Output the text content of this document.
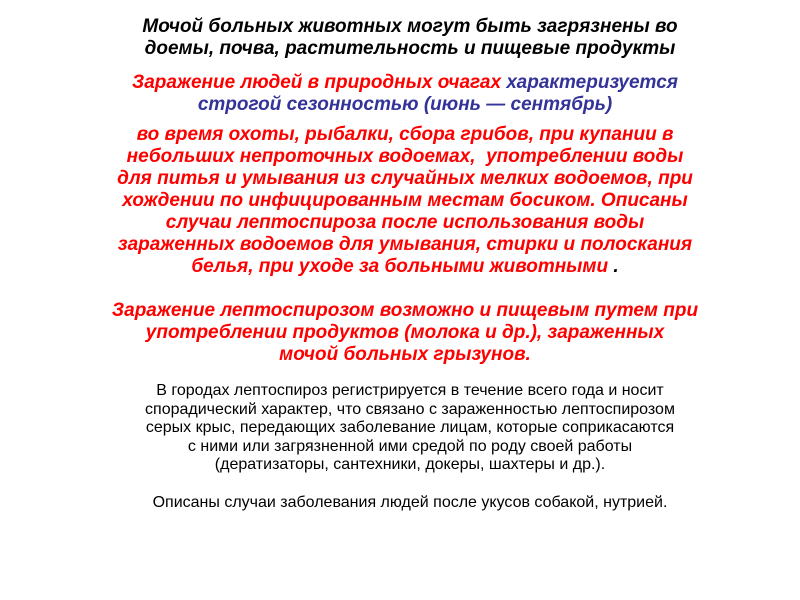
Мочой больных животных могут быть загрязнены во
доемы, почва, растительность и пищевые продукты
Заражение людей в природных очагах характеризуется
строгой сезонностью (июнь — сентябрь)
во время охоты, рыбалки, сбора грибов, при купании в
небольших непроточных водоемах,  употреблении воды
для питья и умывания из случайных мелких водоемов, при
хождении по инфицированным местам босиком. Описаны
случаи лептоспироза после использования воды
зараженных водоемов для умывания, стирки и полоскания
белья, при уходе за больными животными .
Заражение лептоспирозом возможно и пищевым путем при
употреблении продуктов (молока и др.), зараженных
мочой больных грызунов.
В городах лептоспироз регистрируется в течение всего года и носит
спорадический характер, что связано с зараженностью лептоспирозом
серых крыс, передающих заболевание лицам, которые соприкасаются
с ними или загрязненной ими средой по роду своей работы
(дератизаторы, сантехники, докеры, шахтеры и др.).
Описаны случаи заболевания людей после укусов собакой, нутрией.
